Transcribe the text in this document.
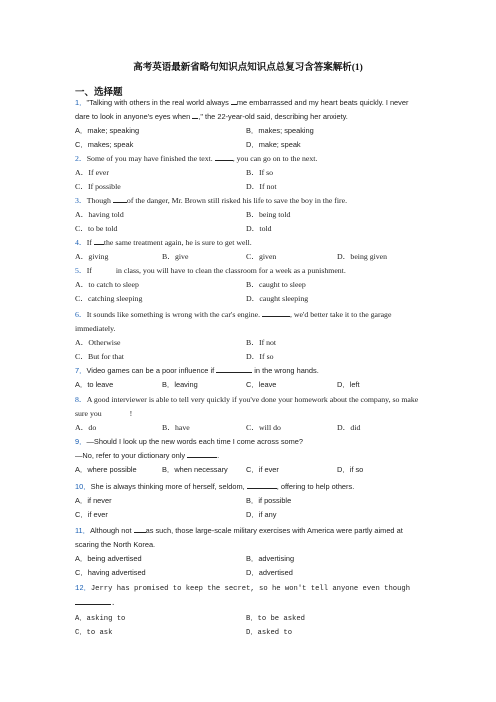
高考英语最新省略句知识点知识点总复习含答案解析(1)
一、选择题
1．"Talking with others in the real world always me embarrassed and my heart beats quickly. I never dare to look in anyone's eyes when ," the 22-year-old said, describing her anxiety.
A．make; speaking	B．makes; speaking
C．makes; speak	D．make; speak
2．Some of you may have finished the text. , you can go on to the next.
A．If ever	B．If so
C．If possible	D．If not
3．Though of the danger, Mr. Brown still risked his life to save the boy in the fire.
A．having told	B．being told
C．to be told	D．told
4．If the same treatment again, he is sure to get well.
A．giving	B．give	C．given	D．being given
5．If	in class, you will have to clean the classroom for a week as a punishment.
A．to catch to sleep	B．caught to sleep
C．catching sleeping	D．caught sleeping
6．It sounds like something is wrong with the car's engine.	, we'd better take it to the garage immediately.
A．Otherwise	B．If not
C．But for that	D．If so
7．Video games can be a poor influence if	in the wrong hands.
A．to leave	B．leaving	C．leave	D．left
8．A good interviewer is able to tell very quickly if you've done your homework about the company, so make sure you	!
A．do	B．have	C．will do	D．did
9．—Should I look up the new words each time I come across some?
—No, refer to your dictionary only	.
A．where possible	B．when necessary C．if ever	D．if so
10．She is always thinking more of herself, seldom,	, offering to help others.
A．if never	B．if possible
C．if ever	D．if any
11．Although not as such, those large-scale military exercises with America were partly aimed at scaring the North Korea.
A．being advertised	B．advertising
C．having advertised	D．advertised
12．Jerry has promised to keep the secret, so he won't tell anyone even though .
A．asking to	B．to be asked
C．to ask	D．asked to
